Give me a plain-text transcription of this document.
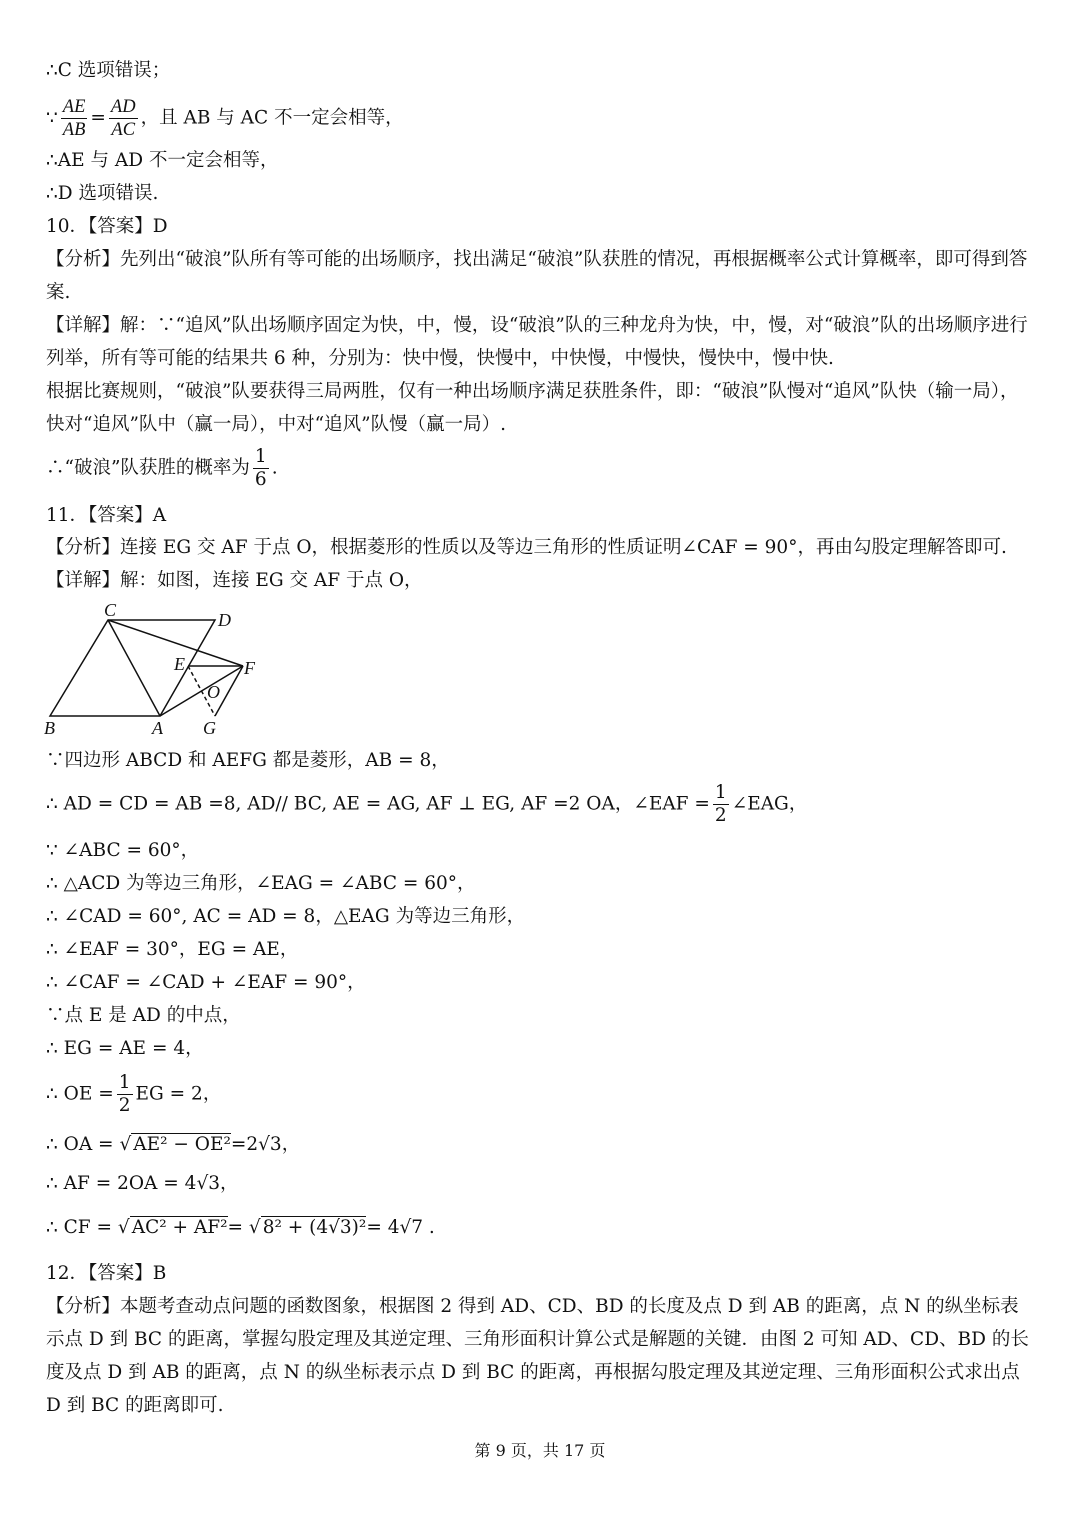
∴C 选项错误；
∵ $\frac{AE}{AB} = \frac{AD}{AC}$ ，且 AB 与 AC 不一定会相等，
∴AE 与 AD 不一定会相等，
∴D 选项错误.
10．【答案】D
【分析】先列出“破浪”队所有等可能的出场顺序，找出满足“破浪”队获胜的情况，再根据概率公式计算概率，即可得到答案.
【详解】解：∵“追风”队出场顺序固定为快，中，慢，设“破浪”队的三种龙舟为快，中，慢，对“破浪”队的出场顺序进行列举，所有等可能的结果共 6 种，分别为：快中慢，快慢中，中快慢，中慢快，慢快中，慢中快.
根据比赛规则，“破浪”队要获得三局两胜，仅有一种出场顺序满足获胜条件，即：“破浪”队慢对“追风”队快（输一局），快对“追风”队中（赢一局），中对“追风”队慢（赢一局）.
∴“破浪”队获胜的概率为 $\frac{1}{6}$ .
11．【答案】A
【分析】连接 EG 交 AF 于点 O，根据菱形的性质以及等边三角形的性质证明∠CAF = 90°，再由勾股定理解答即可.
【详解】解：如图，连接 EG 交 AF 于点 O，
C	D
E	F
O
B	A G
∵四边形 ABCD 和 AEFG 都是菱形，AB = 8，
∴ AD = CD = AB =8, AD// BC, AE = AG, AF ⊥ EG, AF =2 OA，∠EAF = $\frac{1}{2}$ ∠EAG，
∵ ∠ABC = 60°，
∴ △ACD 为等边三角形，∠EAG = ∠ABC = 60°，
∴ ∠CAD = 60°, AC = AD = 8，△EAG 为等边三角形，
∴ ∠EAF = 30°，EG = AE，
∴ ∠CAF = ∠CAD + ∠EAF = 90°，
∵点 E 是 AD 的中点，
∴ EG = AE = 4，
∴ OE = $\frac{1}{2}$ EG = 2，
∴ OA = √ AE² − OE²=2√3，
∴ AF = 2OA = 4√3，
∴ CF = √ AC² + AF²= √ 8² + (4√3)²= 4√7 .
12．【答案】B
【分析】本题考查动点问题的函数图象，根据图 2 得到 AD、CD、BD 的长度及点 D 到 AB 的距离，点 N 的纵坐标表示点 D 到 BC 的距离，掌握勾股定理及其逆定理、三角形面积计算公式是解题的关键．由图 2 可知 AD、CD、BD 的长度及点 D 到 AB 的距离，点 N 的纵坐标表示点 D 到 BC 的距离，再根据勾股定理及其逆定理、三角形面积公式求出点 D 到 BC 的距离即可.
第 9 页，共 17 页
